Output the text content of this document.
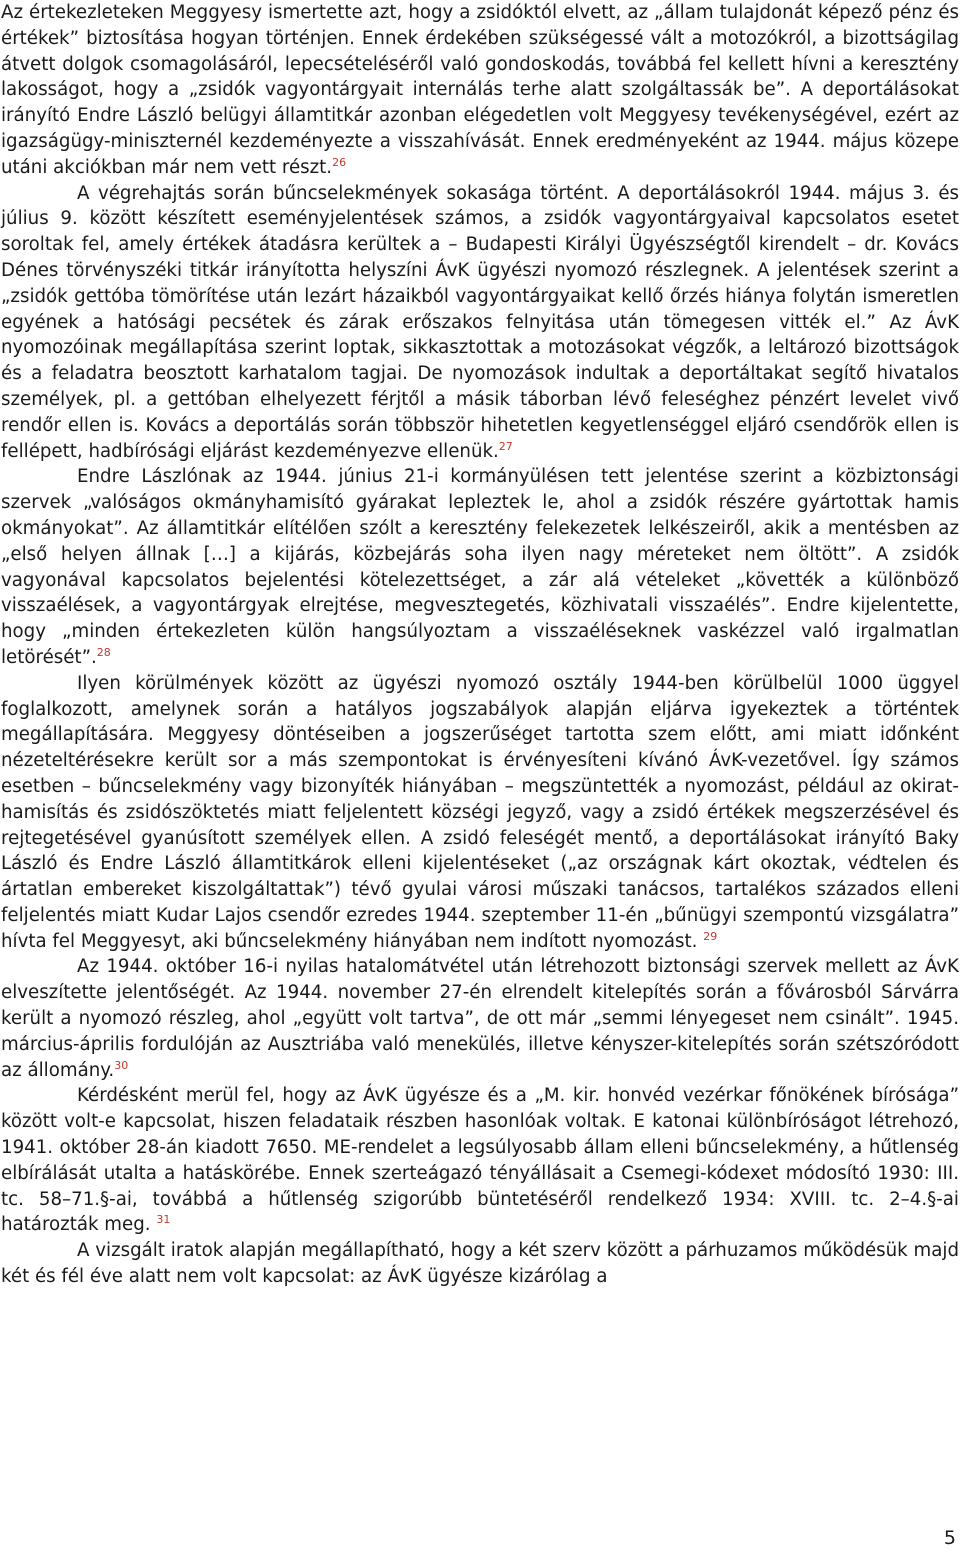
Az értekezleteken Meggyesy ismertette azt, hogy a zsidóktól elvett, az „állam tulajdonát képező pénz és értékek” biztosítása hogyan történjen. Ennek érdekében szükségessé vált a motozókról, a bizottságilag átvett dolgok csomagolásáról, lepecsételéséről való gondoskodás, továbbá fel kellett hívni a keresztény lakosságot, hogy a „zsidók vagyontárgyait internálás terhe alatt szolgáltassák be”. A deportálásokat irányító Endre László belügyi államtitkár azonban elégedetlen volt Meggyesy tevékenységével, ezért az igazságügy-miniszternél kezdeményezte a visszahívását. Ennek eredményeként az 1944. május közepe utáni akciókban már nem vett részt.$^{26}$

A végrehajtás során bűncselekmények sokasága történt. A deportálásokról 1944. május 3. és július 9. között készített eseményjelentések számos, a zsidók vagyontárgyaival kapcsolatos esetet soroltak fel, amely értékek átadásra kerültek a – Budapesti Királyi Ügyészségtől kirendelt – dr. Kovács Dénes törvényszéki titkár irányította helyszíni ÁvK ügyészi nyomozó részlegnek. A jelentések szerint a „zsidók gettóba tömörítése után lezárt házaikból vagyontárgyaikat kellő őrzés hiánya folytán ismeretlen egyének a hatósági pecsétek és zárak erőszakos felnyitása után tömegesen vitték el.” Az ÁvK nyomozóinak megállapítása szerint loptak, sikkasztottak a motozásokat végzők, a leltározó bizottságok és a feladatra beosztott karhatalom tagjai. De nyomozások indultak a deportáltakat segítő hivatalos személyek, pl. a gettóban elhelyezett férjtől a másik táborban lévő feleséghez pénzért levelet vivő rendőr ellen is. Kovács a deportálás során többször hihetetlen kegyetlenséggel eljáró csendőrök ellen is fellépett, hadbírósági eljárást kezdeményezve ellenük.$^{27}$

Endre Lászlónak az 1944. június 21-i kormányülésen tett jelentése szerint a közbiztonsági szervek „valóságos okmányhamisító gyárakat lepleztek le, ahol a zsidók részére gyártottak hamis okmányokat”. Az államtitkár elítélően szólt a keresztény felekezetek lelkészeiről, akik a mentésben az „első helyen állnak […] a kijárás, közbejárás soha ilyen nagy méreteket nem öltött”. A zsidók vagyonával kapcsolatos bejelentési kötelezettséget, a zár alá vételeket „követték a különböző visszaélések, a vagyontárgyak elrejtése, megvesztegetés, közhivatali visszaélés”. Endre kijelentette, hogy „minden értekezleten külön hangsúlyoztam a visszaéléseknek vaskézzel való irgalmatlan letörését”.$^{28}$

Ilyen körülmények között az ügyészi nyomozó osztály 1944-ben körülbelül 1000 üggyel foglalkozott, amelynek során a hatályos jogszabályok alapján eljárva igyekeztek a történtek megállapítására. Meggyesy döntéseiben a jogszerűséget tartotta szem előtt, ami miatt időnként nézeteltérésekre került sor a más szempontokat is érvényesíteni kívánó ÁvK-vezetővel. Így számos esetben – bűncselekmény vagy bizonyíték hiányában – megszüntették a nyomozást, például az okirat-hamisítás és zsidószöktetés miatt feljelentett községi jegyző, vagy a zsidó értékek megszerzésével és rejtegetésével gyanúsított személyek ellen. A zsidó feleségét mentő, a deportálásokat irányító Baky László és Endre László államtitkárok elleni kijelentéseket („az országnak kárt okoztak, védtelen és ártatlan embereket kiszolgáltattak”) tévő gyulai városi műszaki tanácsos, tartalékos százados elleni feljelentés miatt Kudar Lajos csendőr ezredes 1944. szeptember 11-én „bűnügyi szempontú vizsgálatra” hívta fel Meggyesyt, aki bűncselekmény hiányában nem indított nyomozást. $^{29}$

Az 1944. október 16-i nyilas hatalomátvétel után létrehozott biztonsági szervek mellett az ÁvK elveszítette jelentőségét. Az 1944. november 27-én elrendelt kitelepítés során a fővárosból Sárvárra került a nyomozó részleg, ahol „együtt volt tartva”, de ott már „semmi lényegeset nem csinált”. 1945. március-április fordulóján az Ausztriába való menekülés, illetve kényszer-kitelepítés során szétszóródott az állomány.$^{30}$

Kérdésként merül fel, hogy az ÁvK ügyésze és a „M. kir. honvéd vezérkar főnökének bírósága” között volt-e kapcsolat, hiszen feladataik részben hasonlóak voltak. E katonai különbíróságot létrehozó, 1941. október 28-án kiadott 7650. ME-rendelet a legsúlyosabb állam elleni bűncselekmény, a hűtlenség elbírálását utalta a hatáskörébe. Ennek szerteágazó tényállásait a Csemegi-kódexet módosító 1930: III. tc. 58–71.§-ai, továbbá a hűtlenség szigorúbb büntetéséről rendelkező 1934: XVIII. tc. 2–4.§-ai határozták meg. $^{31}$

A vizsgált iratok alapján megállapítható, hogy a két szerv között a párhuzamos működésük majd két és fél éve alatt nem volt kapcsolat: az ÁvK ügyésze kizárólag a

5
